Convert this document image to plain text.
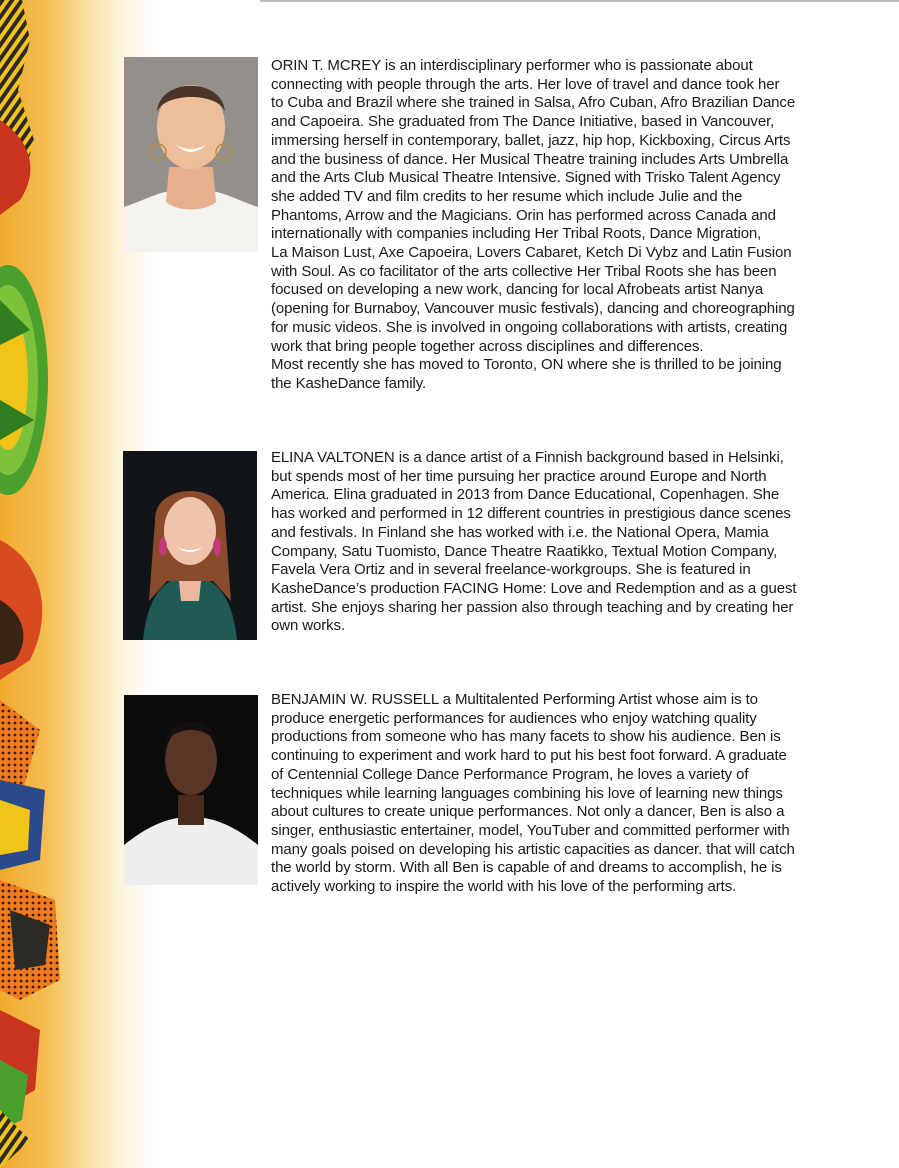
ORIN T. MCREY is an interdisciplinary performer who is passionate about
connecting with people through the arts. Her love of travel and dance took her
to Cuba and Brazil where she trained in Salsa, Afro Cuban, Afro Brazilian Dance
and Capoeira. She graduated from The Dance Initiative, based in Vancouver,
immersing herself in contemporary, ballet, jazz, hip hop, Kickboxing, Circus Arts
and the business of dance. Her Musical Theatre training includes Arts Umbrella
and the Arts Club Musical Theatre Intensive. Signed with Trisko Talent Agency
she added TV and film credits to her resume which include Julie and the
Phantoms, Arrow and the Magicians. Orin has performed across Canada and
internationally with companies including Her Tribal Roots, Dance Migration,
La Maison Lust, Axe Capoeira, Lovers Cabaret, Ketch Di Vybz and Latin Fusion
with Soul. As co facilitator of the arts collective Her Tribal Roots she has been
focused on developing a new work, dancing for local Afrobeats artist Nanya
(opening for Burnaboy, Vancouver music festivals), dancing and choreographing
for music videos. She is involved in ongoing collaborations with artists, creating
work that bring people together across disciplines and differences.
Most recently she has moved to Toronto, ON where she is thrilled to be joining
the KasheDance family.
ELINA VALTONEN is a dance artist of a Finnish background based in Helsinki,
but spends most of her time pursuing her practice around Europe and North
America. Elina graduated in 2013 from Dance Educational, Copenhagen. She
has worked and performed in 12 different countries in prestigious dance scenes
and festivals. In Finland she has worked with i.e. the National Opera, Mamia
Company, Satu Tuomisto, Dance Theatre Raatikko, Textual Motion Company,
Favela Vera Ortiz and in several freelance-workgroups. She is featured in
KasheDance’s production FACING Home: Love and Redemption and as a guest
artist. She enjoys sharing her passion also through teaching and by creating her
own works.
BENJAMIN W. RUSSELL a Multitalented Performing Artist whose aim is to
produce energetic performances for audiences who enjoy watching quality
productions from someone who has many facets to show his audience. Ben is
continuing to experiment and work hard to put his best foot forward. A graduate
of Centennial College Dance Performance Program, he loves a variety of
techniques while learning languages combining his love of learning new things
about cultures to create unique performances. Not only a dancer, Ben is also a
singer, enthusiastic entertainer, model, YouTuber and committed performer with
many goals poised on developing his artistic capacities as dancer. that will catch
the world by storm. With all Ben is capable of and dreams to accomplish, he is
actively working to inspire the world with his love of the performing arts.
